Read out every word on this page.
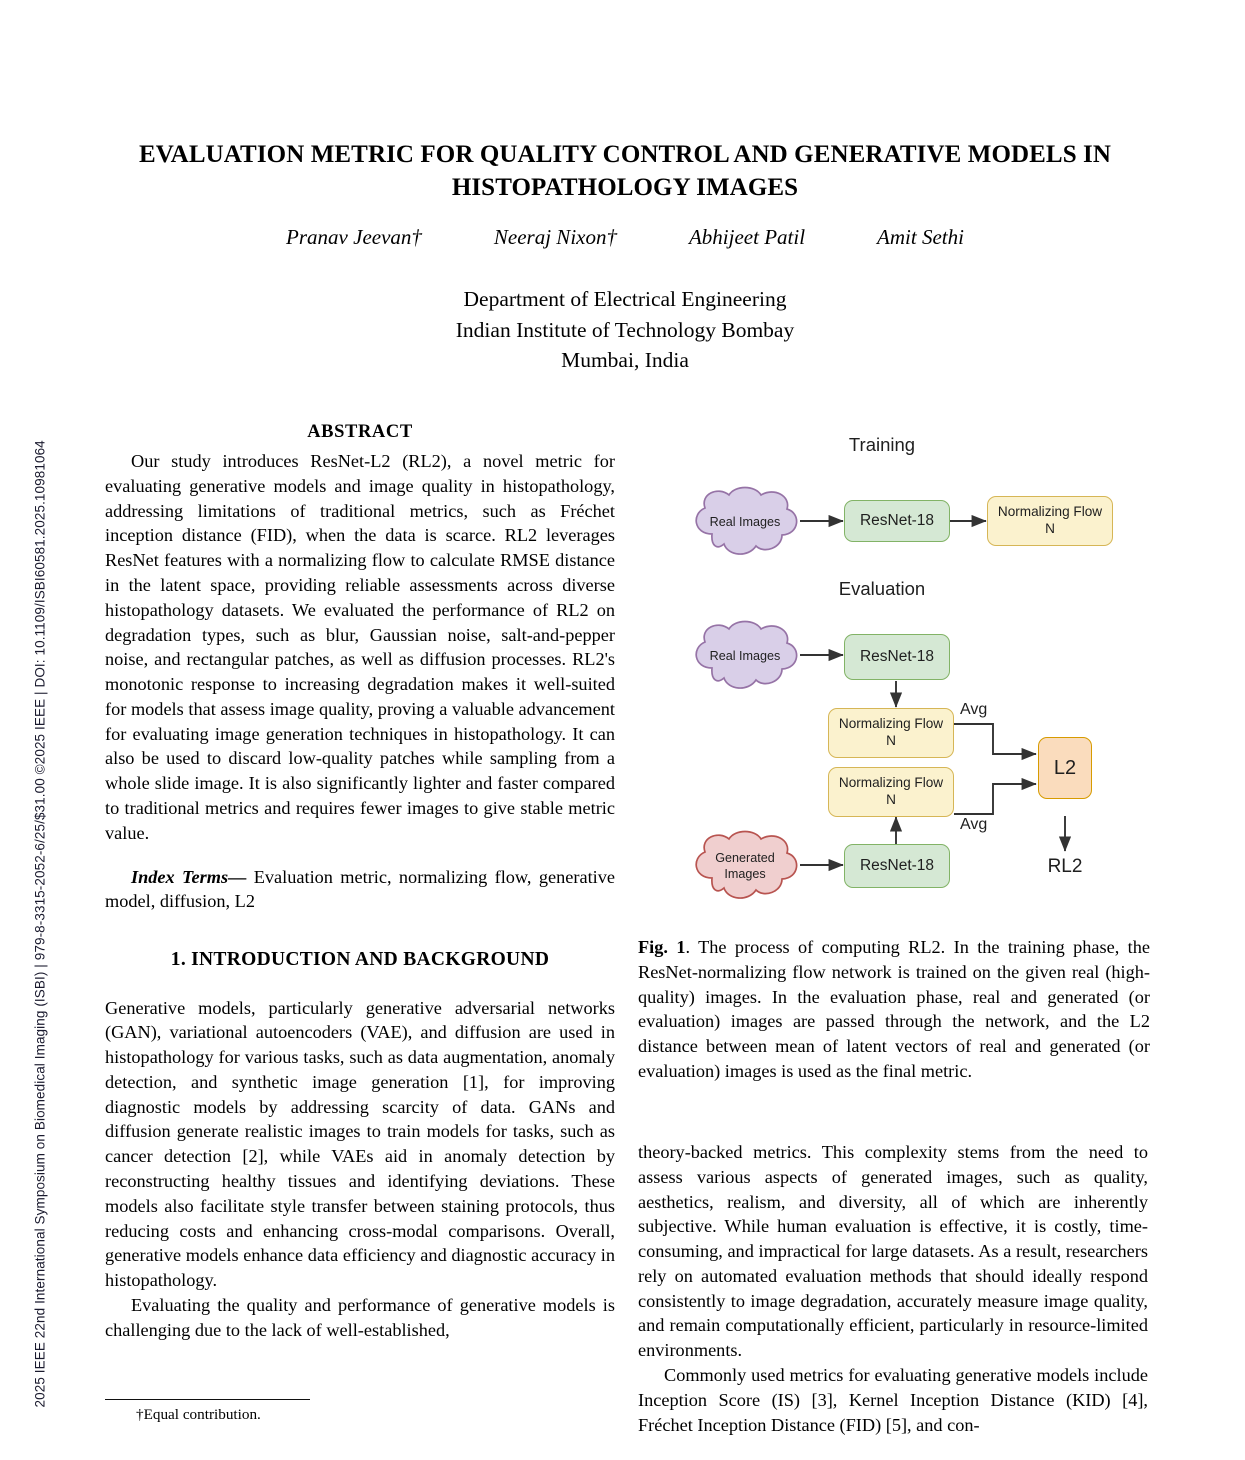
2025 IEEE 22nd International Symposium on Biomedical Imaging (ISBI) | 979-8-3315-2052-6/25/$31.00 ©2025 IEEE | DOI: 10.1109/ISBI60581.2025.10981064
EVALUATION METRIC FOR QUALITY CONTROL AND GENERATIVE MODELS IN HISTOPATHOLOGY IMAGES
Pranav Jeevan†	Neeraj Nixon†	Abhijeet Patil	Amit Sethi
Department of Electrical Engineering
Indian Institute of Technology Bombay
Mumbai, India
ABSTRACT

Our study introduces ResNet-L2 (RL2), a novel metric for evaluating generative models and image quality in histopathology, addressing limitations of traditional metrics, such as Fréchet inception distance (FID), when the data is scarce. RL2 leverages ResNet features with a normalizing flow to calculate RMSE distance in the latent space, providing reliable assessments across diverse histopathology datasets. We evaluated the performance of RL2 on degradation types, such as blur, Gaussian noise, salt-and-pepper noise, and rectangular patches, as well as diffusion processes. RL2's monotonic response to increasing degradation makes it well-suited for models that assess image quality, proving a valuable advancement for evaluating image generation techniques in histopathology. It can also be used to discard low-quality patches while sampling from a whole slide image. It is also significantly lighter and faster compared to traditional metrics and requires fewer images to give stable metric value.

Index Terms— Evaluation metric, normalizing flow, generative model, diffusion, L2

1. INTRODUCTION AND BACKGROUND

Generative models, particularly generative adversarial networks (GAN), variational autoencoders (VAE), and diffusion are used in histopathology for various tasks, such as data augmentation, anomaly detection, and synthetic image generation [1], for improving diagnostic models by addressing scarcity of data. GANs and diffusion generate realistic images to train models for tasks, such as cancer detection [2], while VAEs aid in anomaly detection by reconstructing healthy tissues and identifying deviations. These models also facilitate style transfer between staining protocols, thus reducing costs and enhancing cross-modal comparisons. Overall, generative models enhance data efficiency and diagnostic accuracy in histopathology.

Evaluating the quality and performance of generative models is challenging due to the lack of well-established,

†Equal contribution.
Training
Evaluation
Real Images	ResNet-18	Normalizing Flow
N
Real Images	ResNet-18
Normalizing Flow
N
Normalizing Flow
N
Avg
Avg
L2
RL2
ResNet-18
Generated
Images
Fig. 1. The process of computing RL2. In the training phase, the ResNet-normalizing flow network is trained on the given real (high-quality) images. In the evaluation phase, real and generated (or evaluation) images are passed through the network, and the L2 distance between mean of latent vectors of real and generated (or evaluation) images is used as the final metric.

theory-backed metrics. This complexity stems from the need to assess various aspects of generated images, such as quality, aesthetics, realism, and diversity, all of which are inherently subjective. While human evaluation is effective, it is costly, time-consuming, and impractical for large datasets. As a result, researchers rely on automated evaluation methods that should ideally respond consistently to image degradation, accurately measure image quality, and remain computationally efficient, particularly in resource-limited environments.

Commonly used metrics for evaluating generative models include Inception Score (IS) [3], Kernel Inception Distance (KID) [4], Fréchet Inception Distance (FID) [5], and con-
